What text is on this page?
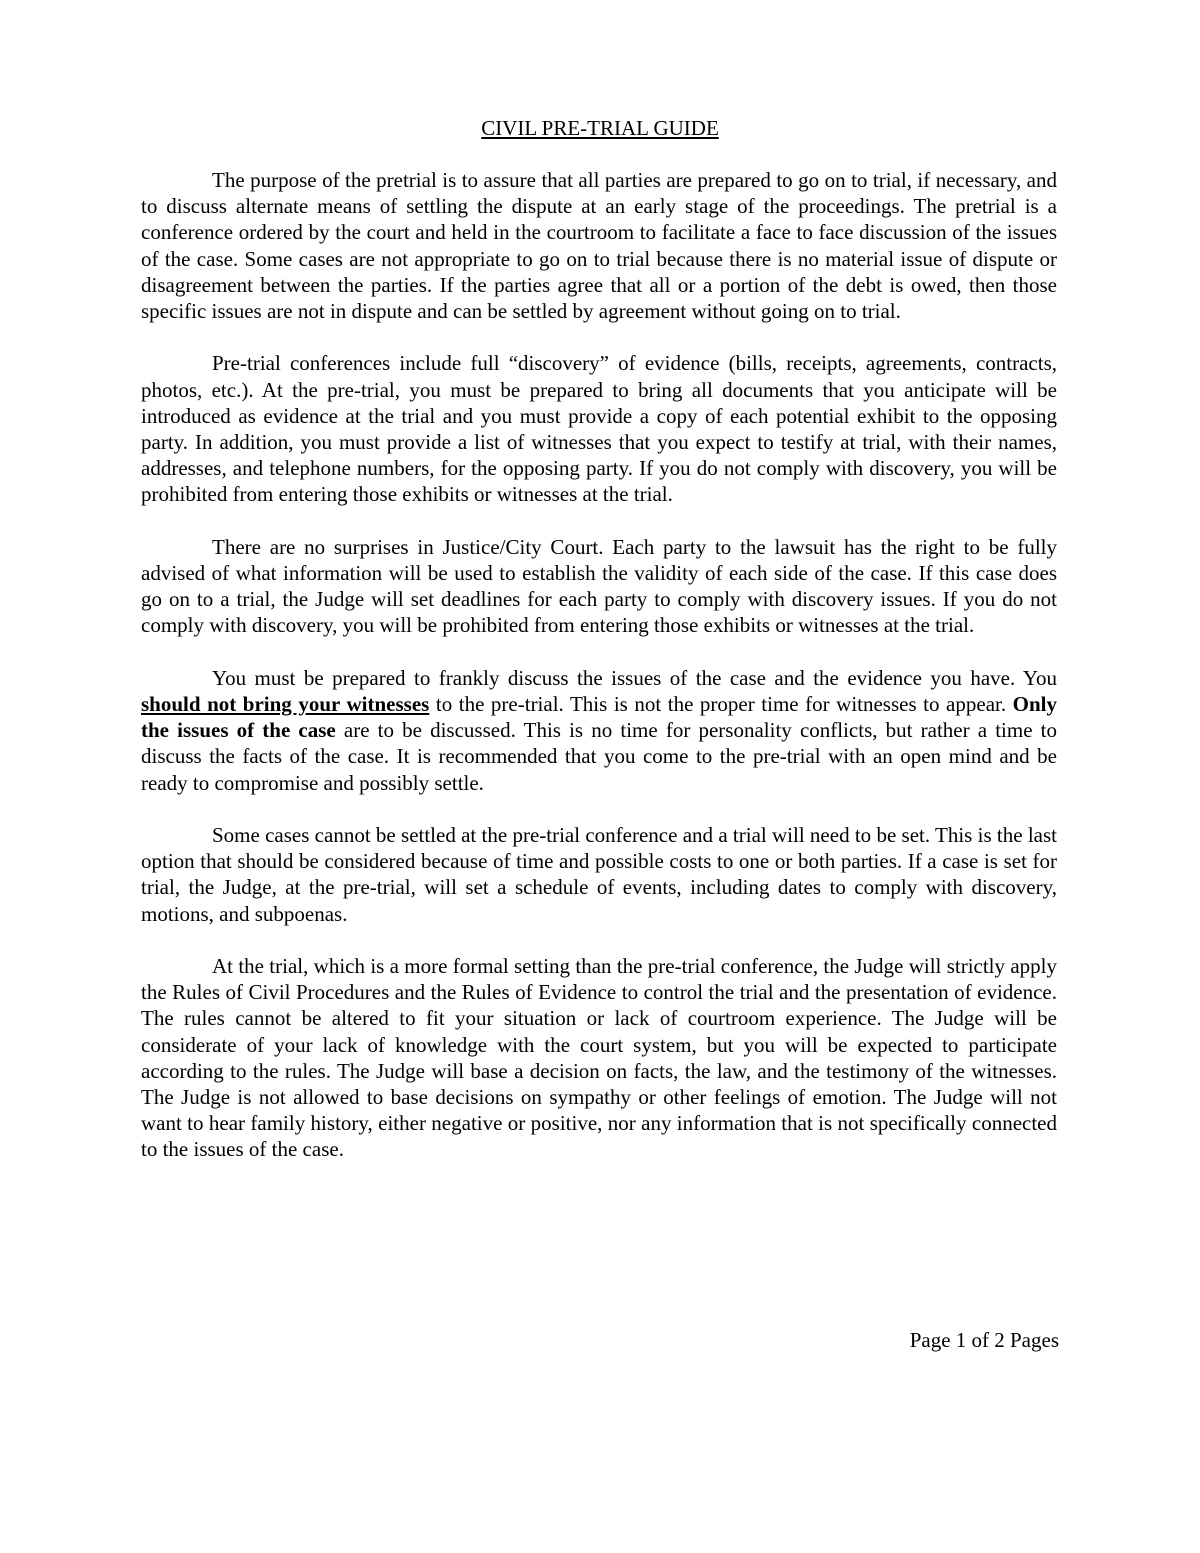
CIVIL PRE-TRIAL GUIDE

The purpose of the pretrial is to assure that all parties are prepared to go on to trial, if necessary, and to discuss alternate means of settling the dispute at an early stage of the proceedings. The pretrial is a conference ordered by the court and held in the courtroom to facilitate a face to face discussion of the issues of the case. Some cases are not appropriate to go on to trial because there is no material issue of dispute or disagreement between the parties. If the parties agree that all or a portion of the debt is owed, then those specific issues are not in dispute and can be settled by agreement without going on to trial.

Pre-trial conferences include full “discovery” of evidence (bills, receipts, agreements, contracts, photos, etc.). At the pre-trial, you must be prepared to bring all documents that you anticipate will be introduced as evidence at the trial and you must provide a copy of each potential exhibit to the opposing party. In addition, you must provide a list of witnesses that you expect to testify at trial, with their names, addresses, and telephone numbers, for the opposing party. If you do not comply with discovery, you will be prohibited from entering those exhibits or witnesses at the trial.

There are no surprises in Justice/City Court. Each party to the lawsuit has the right to be fully advised of what information will be used to establish the validity of each side of the case. If this case does go on to a trial, the Judge will set deadlines for each party to comply with discovery issues. If you do not comply with discovery, you will be prohibited from entering those exhibits or witnesses at the trial.

You must be prepared to frankly discuss the issues of the case and the evidence you have. You should not bring your witnesses to the pre-trial. This is not the proper time for witnesses to appear. Only the issues of the case are to be discussed. This is no time for personality conflicts, but rather a time to discuss the facts of the case. It is recommended that you come to the pre-trial with an open mind and be ready to compromise and possibly settle.

Some cases cannot be settled at the pre-trial conference and a trial will need to be set. This is the last option that should be considered because of time and possible costs to one or both parties. If a case is set for trial, the Judge, at the pre-trial, will set a schedule of events, including dates to comply with discovery, motions, and subpoenas.

At the trial, which is a more formal setting than the pre-trial conference, the Judge will strictly apply the Rules of Civil Procedures and the Rules of Evidence to control the trial and the presentation of evidence. The rules cannot be altered to fit your situation or lack of courtroom experience. The Judge will be considerate of your lack of knowledge with the court system, but you will be expected to participate according to the rules. The Judge will base a decision on facts, the law, and the testimony of the witnesses. The Judge is not allowed to base decisions on sympathy or other feelings of emotion. The Judge will not want to hear family history, either negative or positive, nor any information that is not specifically connected to the issues of the case.

Page 1 of 2 Pages
